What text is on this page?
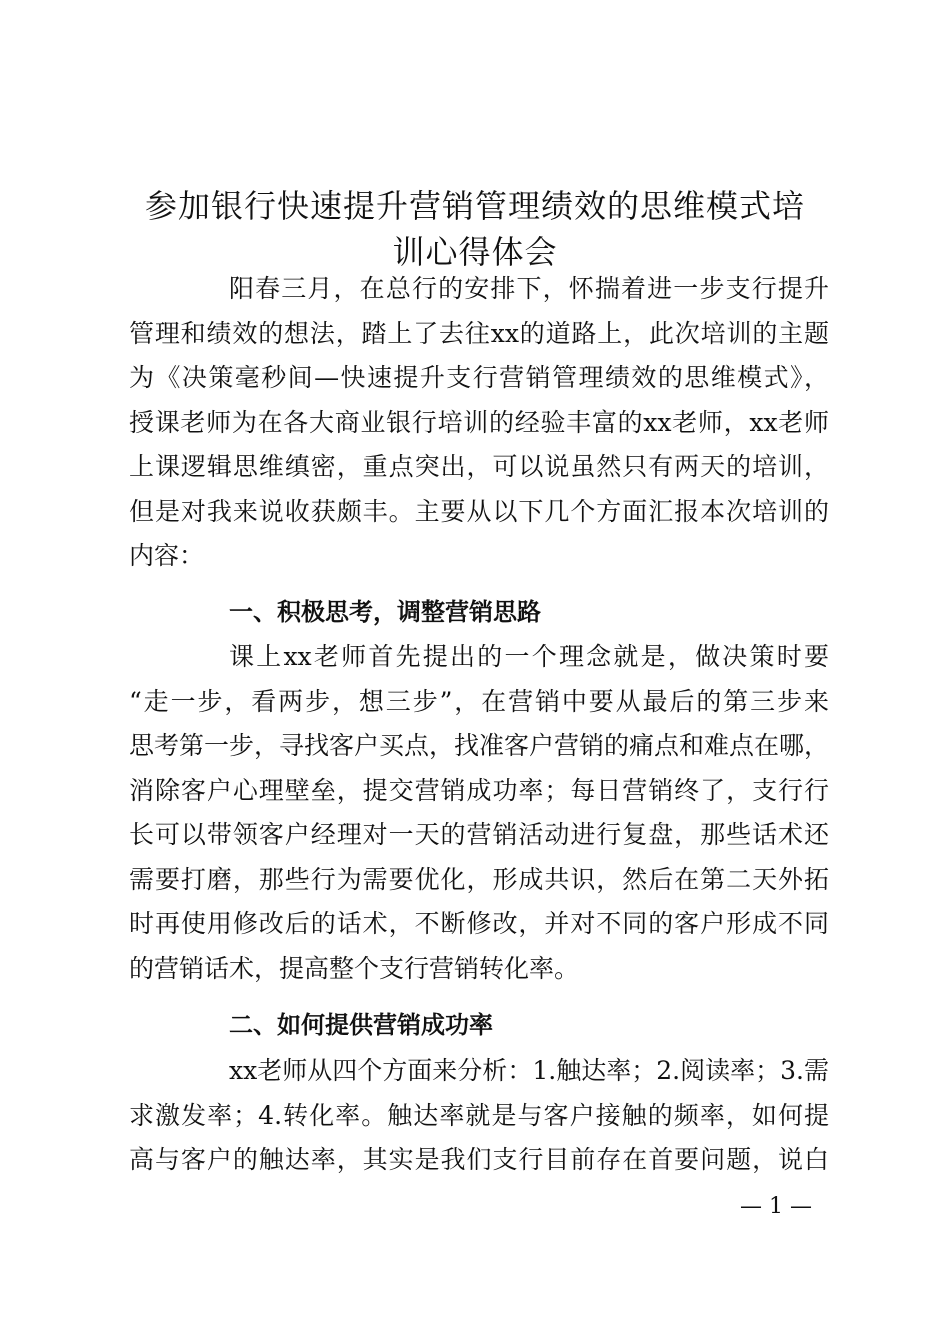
参加银行快速提升营销管理绩效的思维模式培
训心得体会
阳春三月，在总行的安排下，怀揣着进一步支行提升
管理和绩效的想法，踏上了去往xx的道路上，此次培训的主题
为《决策毫秒间—快速提升支行营销管理绩效的思维模式》，
授课老师为在各大商业银行培训的经验丰富的xx老师，xx老师
上课逻辑思维缜密，重点突出，可以说虽然只有两天的培训，
但是对我来说收获颇丰。主要从以下几个方面汇报本次培训的
内容：
一、积极思考，调整营销思路
课上xx老师首先提出的一个理念就是，做决策时要
“走一步，看两步，想三步”，在营销中要从最后的第三步来
思考第一步，寻找客户买点，找准客户营销的痛点和难点在哪，
消除客户心理壁垒，提交营销成功率；每日营销终了，支行行
长可以带领客户经理对一天的营销活动进行复盘，那些话术还
需要打磨，那些行为需要优化，形成共识，然后在第二天外拓
时再使用修改后的话术，不断修改，并对不同的客户形成不同
的营销话术，提高整个支行营销转化率。
二、如何提供营销成功率
xx老师从四个方面来分析：1.触达率；2.阅读率；3.需
求激发率；4.转化率。触达率就是与客户接触的频率，如何提
高与客户的触达率，其实是我们支行目前存在首要问题，说白
— 1 —
